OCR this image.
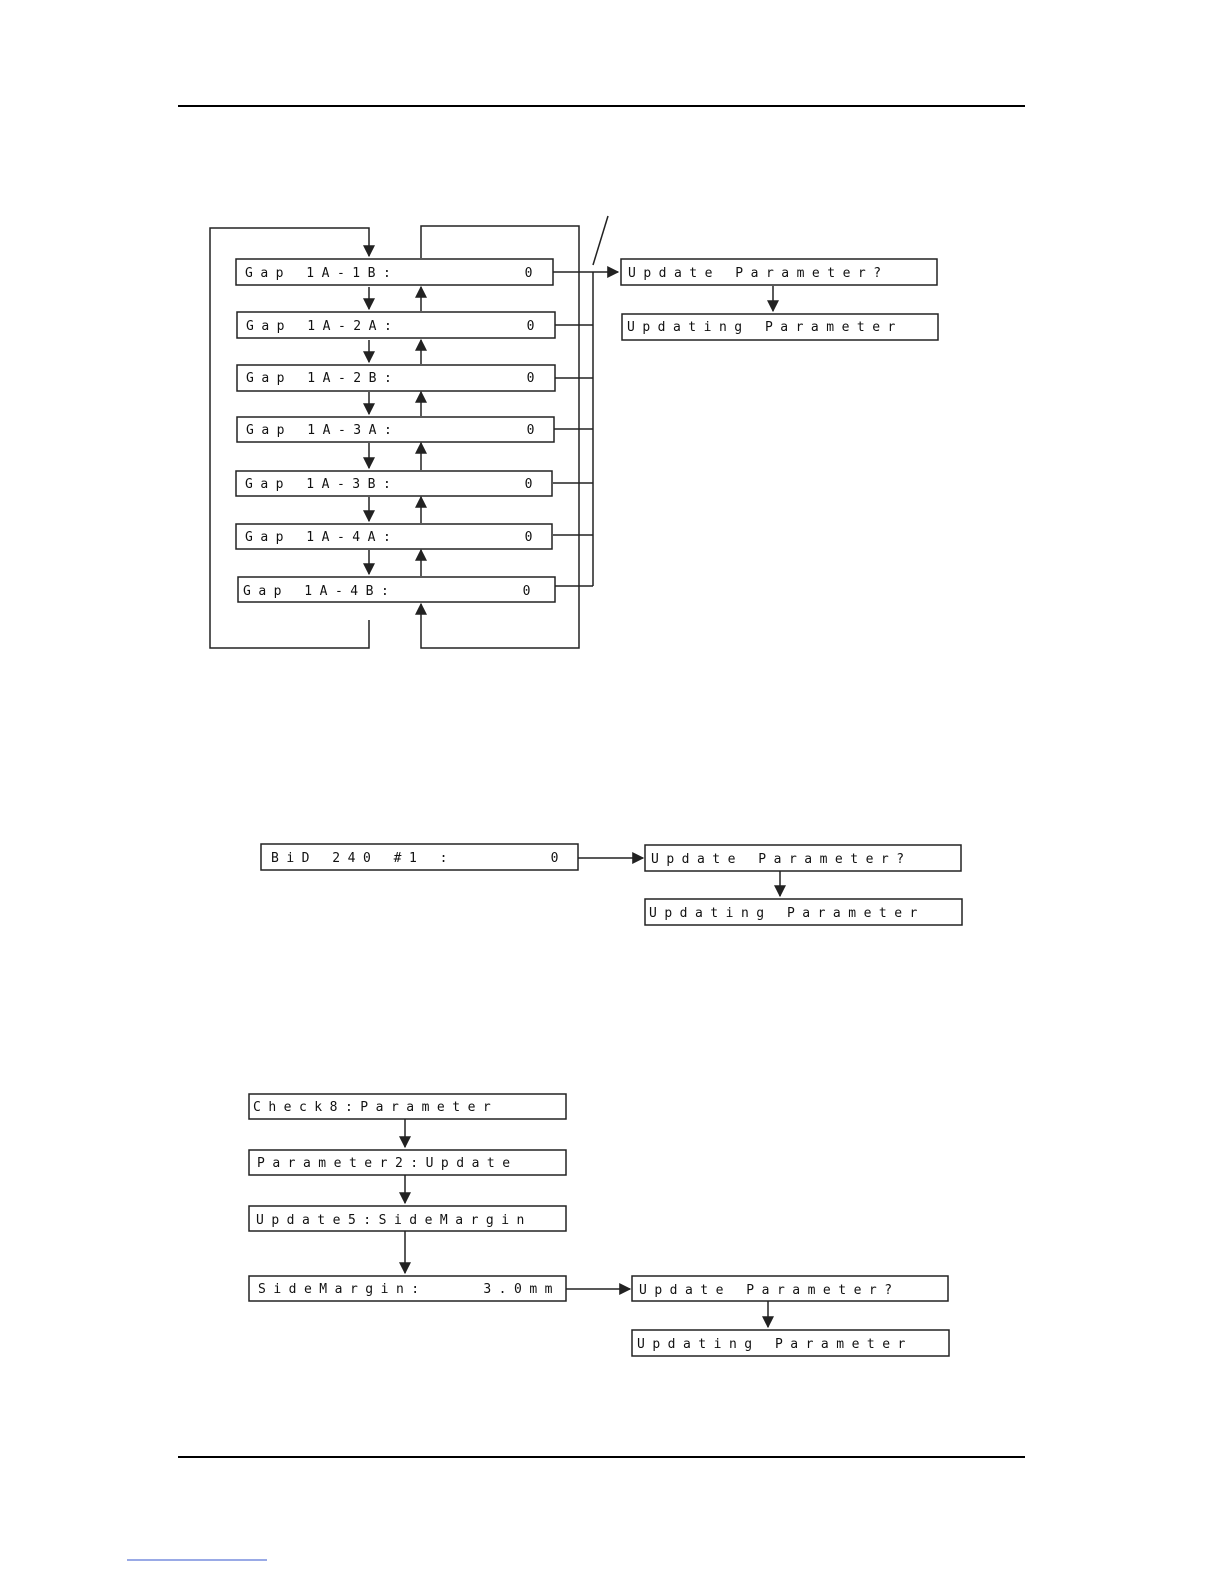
Gap 1A-1B:	0
Gap 1A-2A:	0
Gap 1A-2B:	0
Gap 1A-3A:	0
Gap 1A-3B:	0
Gap 1A-4A:	0
Gap 1A-4B:	0
Update Parameter?
Updating Parameter
BiD 240 #1 :	0	Update Parameter?
Updating Parameter
Check8:Parameter
Parameter2:Update
Update5:SideMargin
SideMargin:	3.0mm	Update Parameter?
Updating Parameter
